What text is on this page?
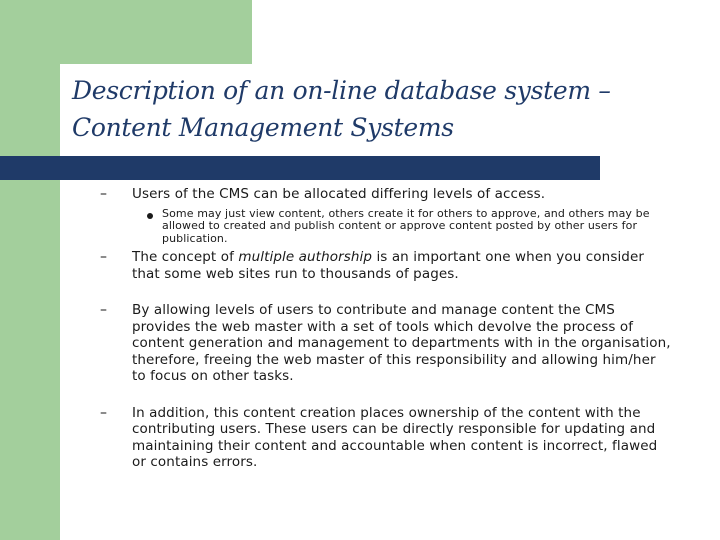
Description of an on-line database system – Content Management Systems
– Users of the CMS can be allocated differing levels of access.
Some may just view content, others create it for others to approve, and others may be allowed to created and publish content or approve content posted by other users for publication.
– The concept of multiple authorship is an important one when you consider that some web sites run to thousands of pages.
– By allowing levels of users to contribute and manage content the CMS provides the web master with a set of tools which devolve the process of content generation and management to departments with in the organisation, therefore, freeing the web master of this responsibility and allowing him/her to focus on other tasks.
– In addition, this content creation places ownership of the content with the contributing users. These users can be directly responsible for updating and maintaining their content and accountable when content is incorrect, flawed or contains errors.
